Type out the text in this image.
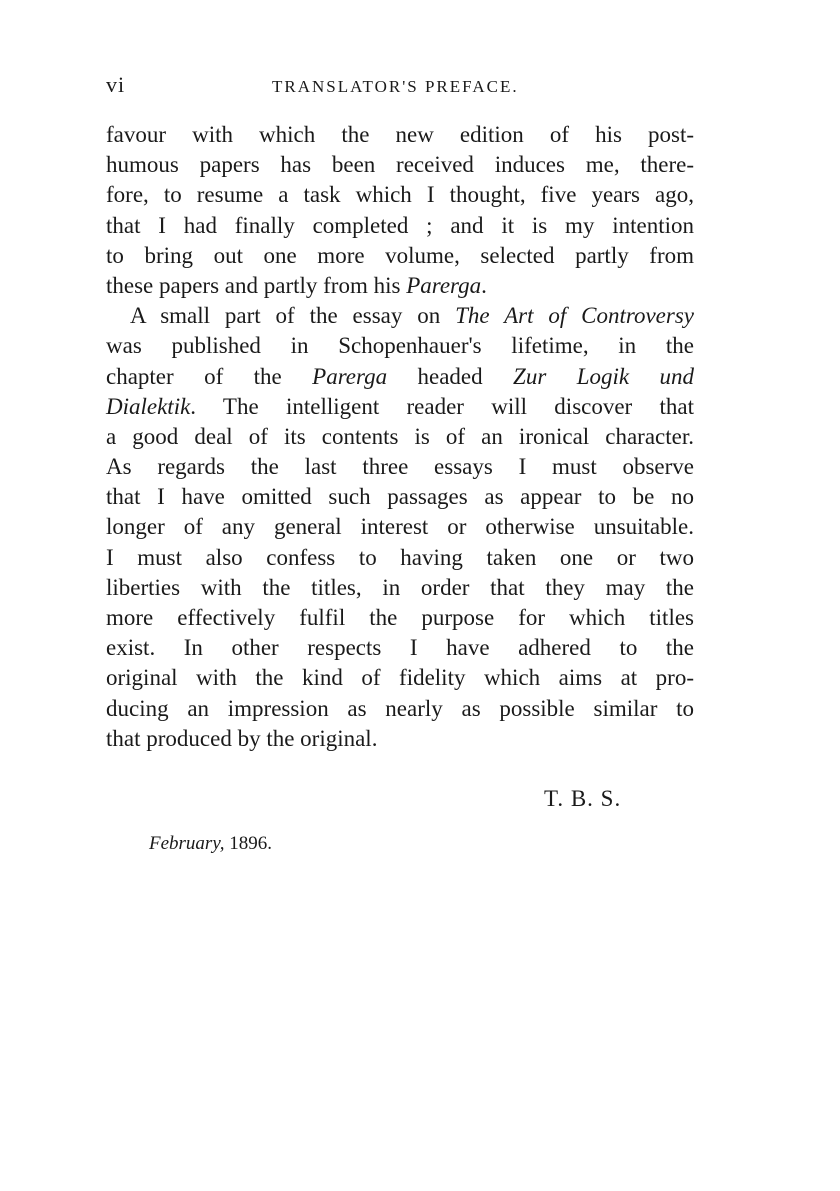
vi	TRANSLATOR'S PREFACE.
favour with which the new edition of his post-
humous papers has been received induces me, there-
fore, to resume a task which I thought, five years ago,
that I had finally completed ; and it is my intention
to bring out one more volume, selected partly from
these papers and partly from his Parerga.
A small part of the essay on The Art of Controversy
was published in Schopenhauer's lifetime, in the
chapter of the Parerga headed Zur Logik und
Dialektik. The intelligent reader will discover that
a good deal of its contents is of an ironical character.
As regards the last three essays I must observe
that I have omitted such passages as appear to be no
longer of any general interest or otherwise unsuitable.
I must also confess to having taken one or two
liberties with the titles, in order that they may the
more effectively fulfil the purpose for which titles
exist. In other respects I have adhered to the
original with the kind of fidelity which aims at pro-
ducing an impression as nearly as possible similar to
that produced by the original.
T. B. S.
February, 1896.
